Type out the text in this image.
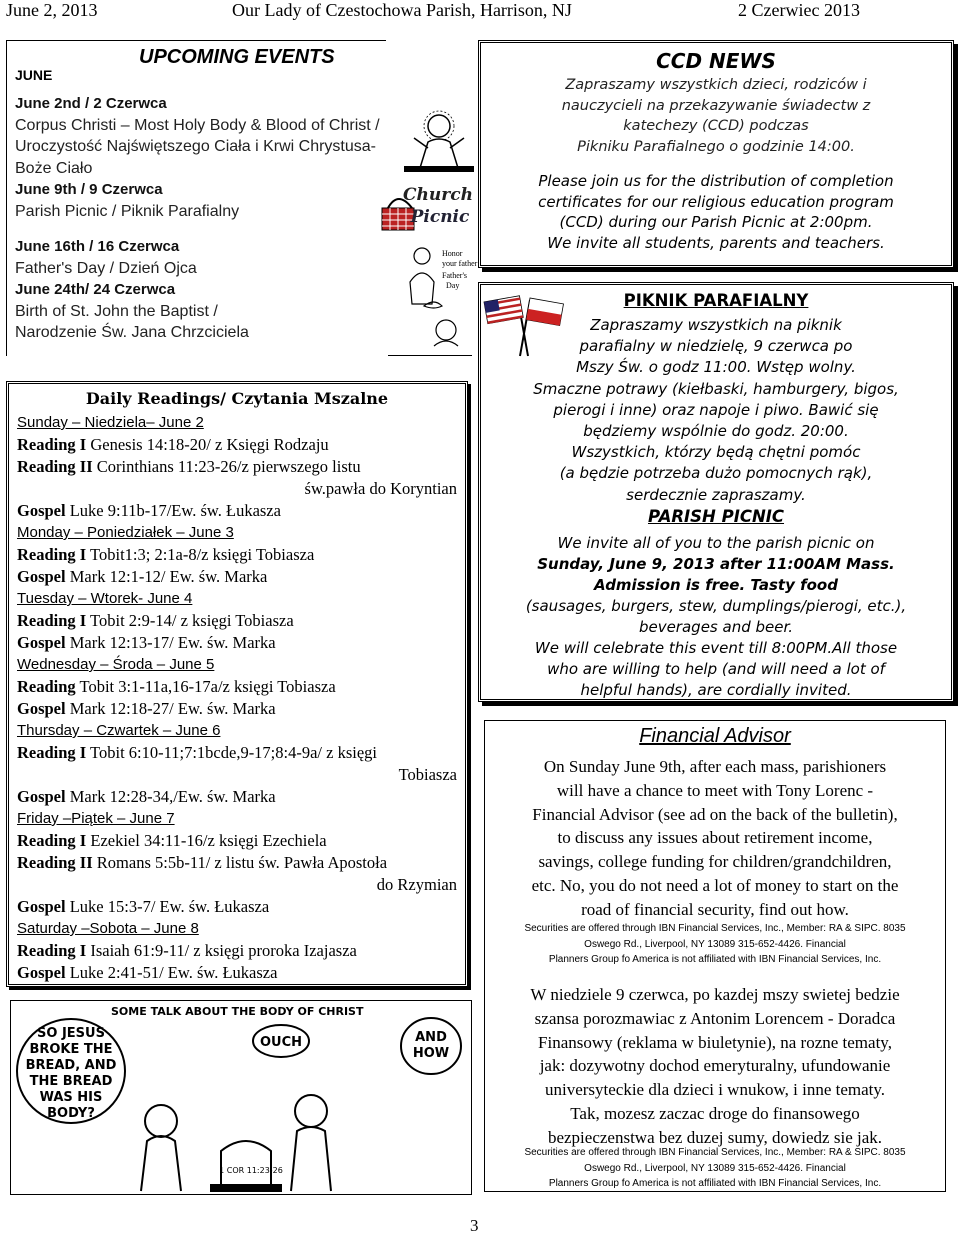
June 2, 2013	Our Lady of Czestochowa Parish, Harrison, NJ	2 Czerwiec 2013
UPCOMING EVENTS
JUNE
June 2nd / 2 Czerwca
Corpus Christi – Most Holy Body & Blood of Christ /
Uroczystość Najświętszego Ciała i Krwi Chrystusa-
Boże Ciało
June 9th / 9 Czerwca
Parish Picnic / Piknik Parafialny
June 16th / 16 Czerwca
Father's Day / Dzień Ojca
June 24th/ 24 Czerwca
Birth of St. John the Baptist /
Narodzenie Św. Jana Chrzciciela
Church
Picnic
Honor
your father
Father's
Day
CCD NEWS
Zapraszamy wszystkich dzieci, rodziców i
nauczycieli na przekazywanie świadectw z
katechezy (CCD) podczas
Pikniku Parafialnego o godzinie 14:00.
Please join us for the distribution of completion
certificates for our religious education program
(CCD) during our Parish Picnic at 2:00pm.
We invite all students, parents and teachers.
PIKNIK PARAFIALNY
Zapraszamy wszystkich na piknik
parafialny w niedzielę, 9 czerwca po
Mszy Św. o godz 11:00. Wstęp wolny.
Smaczne potrawy (kiełbaski, hamburgery, bigos,
pierogi i inne) oraz napoje i piwo. Bawić się
będziemy wspólnie do godz. 20:00.
Wszystkich, którzy będą chętni pomóc
(a będzie potrzeba dużo pomocnych rąk),
serdecznie zapraszamy.
PARISH PICNIC
We invite all of you to the parish picnic on
Sunday, June 9, 2013 after 11:00AM Mass.
Admission is free. Tasty food
(sausages, burgers, stew, dumplings/pierogi, etc.),
beverages and beer.
We will celebrate this event till 8:00PM.All those
who are willing to help (and will need a lot of
helpful hands), are cordially invited.
Daily Readings/ Czytania Mszalne
Sunday – Niedziela– June 2
Reading I Genesis 14:18-20/ z Księgi Rodzaju
Reading II Corinthians 11:23-26/z pierwszego listu
św.pawła do Koryntian
Gospel Luke 9:11b-17/Ew. św. Łukasza
Monday – Poniedziałek – June 3
Reading I Tobit1:3; 2:1a-8/z księgi Tobiasza
Gospel Mark 12:1-12/ Ew. św. Marka
Tuesday – Wtorek- June 4
Reading I Tobit 2:9-14/ z księgi Tobiasza
Gospel Mark 12:13-17/ Ew. św. Marka
Wednesday – Środa – June 5
Reading Tobit 3:1-11a,16-17a/z księgi Tobiasza
Gospel Mark 12:18-27/ Ew. św. Marka
Thursday – Czwartek – June 6
Reading I Tobit 6:10-11;7:1bcde,9-17;8:4-9a/ z księgi
Tobiasza
Gospel Mark 12:28-34,/Ew. św. Marka
Friday –Piątek – June 7
Reading I Ezekiel 34:11-16/z księgi Ezechiela
Reading II Romans 5:5b-11/ z listu św. Pawła Apostoła
do Rzymian
Gospel Luke 15:3-7/ Ew. św. Łukasza
Saturday –Sobota – June 8
Reading I Isaiah 61:9-11/ z księgi proroka Izajasza
Gospel Luke 2:41-51/ Ew. św. Łukasza
Financial Advisor
On Sunday June 9th, after each mass, parishioners
will have a chance to meet with Tony Lorenc -
Financial Advisor (see ad on the back of the bulletin),
to discuss any issues about retirement income,
savings, college funding for children/grandchildren,
etc. No, you do not need a lot of money to start on the
road of financial security, find out how.
Securities are offered through IBN Financial Services, Inc., Member: RA & SIPC. 8035
Oswego Rd., Liverpool, NY 13089 315-652-4426. Financial
Planners Group fo America is not affiliated with IBN Financial Services, Inc.
W niedziele 9 czerwca, po kazdej mszy swietej bedzie
szansa porozmawiac z Antonim Lorencem - Doradca
Finansowy (reklama w biuletynie), na rozne tematy,
jak: dozywotny dochod emeryturalny, ufundowanie
universyteckie dla dzieci i wnukow, i inne tematy.
Tak, mozesz zaczac droge do finansowego
bezpieczenstwa bez duzej sumy, dowiedz sie jak.
Securities are offered through IBN Financial Services, Inc., Member: RA & SIPC. 8035
Oswego Rd., Liverpool, NY 13089 315-652-4426. Financial
Planners Group fo America is not affiliated with IBN Financial Services, Inc.
SOME TALK ABOUT THE BODY OF CHRIST
SO JESUS
BROKE THE
BREAD, AND
THE BREAD
WAS HIS
BODY?
OUCH	AND
HOW
1 COR 11:23-26
3
